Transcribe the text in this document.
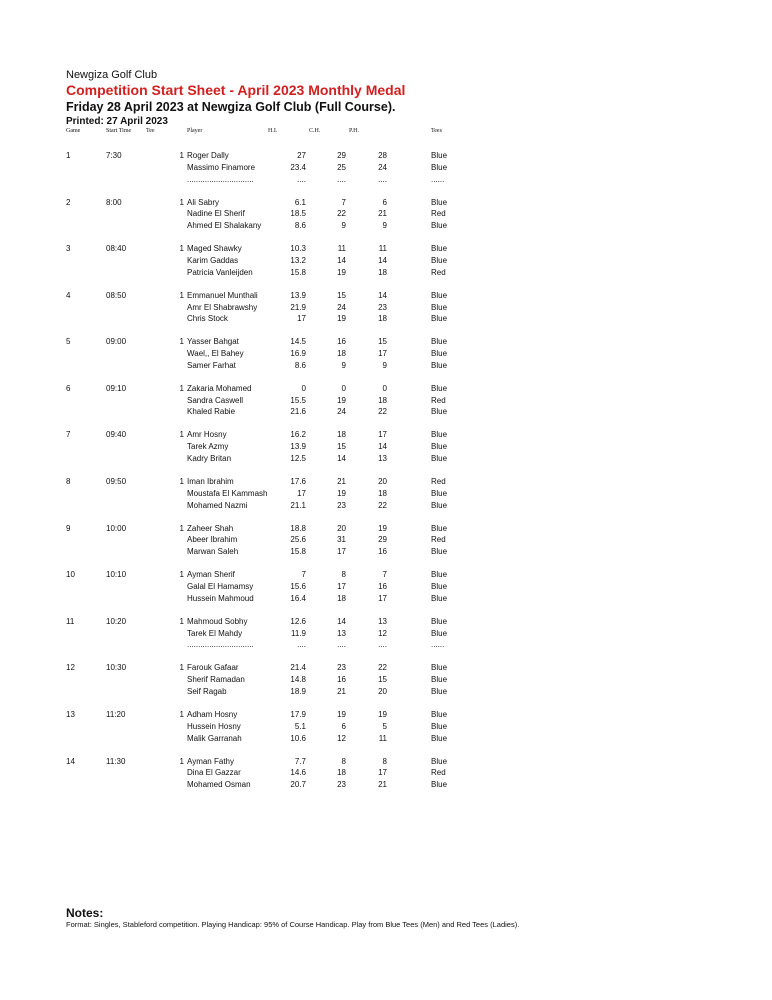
Newgiza Golf Club
Competition Start Sheet - April 2023 Monthly Medal
Friday 28 April 2023 at Newgiza Golf Club (Full Course).
Printed: 27 April 2023
Game	Start Time Tee	Player	H.I.	C.H.	P.H.	Tees
1	7:30	1 Roger Dally	27	29	28	Blue
Massimo Finamore	23.4	25	24	Blue
..............................	....	....	....	......
2	8:00	1 Ali Sabry	6.1	7	6	Blue
Nadine El Sherif	18.5	22	21	Red
Ahmed El Shalakany	8.6	9	9	Blue
3	08:40	1 Maged Shawky	10.3	11	11	Blue
Karim Gaddas	13.2	14	14	Blue
Patricia Vanleijden	15.8	19	18	Red
4	08:50	1 Emmanuel Munthali	13.9	15	14	Blue
Amr El Shabrawshy	21.9	24	23	Blue
Chris Stock	17	19	18	Blue
5	09:00	1 Yasser Bahgat	14.5	16	15	Blue
Wael,, El Bahey	16.9	18	17	Blue
Samer Farhat	8.6	9	9	Blue
6	09:10	1 Zakaria Mohamed	0	0	0	Blue
Sandra Caswell	15.5	19	18	Red
Khaled Rabie	21.6	24	22	Blue
7	09:40	1 Amr Hosny	16.2	18	17	Blue
Tarek Azmy	13.9	15	14	Blue
Kadry Britan	12.5	14	13	Blue
8	09:50	1 Iman Ibrahim	17.6	21	20	Red
Moustafa El Kammash	17	19	18	Blue
Mohamed Nazmi	21.1	23	22	Blue
9	10:00	1 Zaheer Shah	18.8	20	19	Blue
Abeer Ibrahim	25.6	31	29	Red
Marwan Saleh	15.8	17	16	Blue
10	10:10	1 Ayman Sherif	7	8	7	Blue
Galal El Hamamsy	15.6	17	16	Blue
Hussein Mahmoud	16.4	18	17	Blue
11	10:20	1 Mahmoud Sobhy	12.6	14	13	Blue
Tarek El Mahdy	11.9	13	12	Blue
..............................	....	....	....	......
12	10:30	1 Farouk Gafaar	21.4	23	22	Blue
Sherif Ramadan	14.8	16	15	Blue
Seif Ragab	18.9	21	20	Blue
13	11:20	1 Adham Hosny	17.9	19	19	Blue
Hussein Hosny	5.1	6	5	Blue
Malik Garranah	10.6	12	11	Blue
14	11:30	1 Ayman Fathy	7.7	8	8	Blue
Dina El Gazzar	14.6	18	17	Red
Mohamed Osman	20.7	23	21	Blue
Notes:
Format: Singles, Stableford competition. Playing Handicap: 95% of Course Handicap. Play from Blue Tees (Men) and Red Tees (Ladies).
